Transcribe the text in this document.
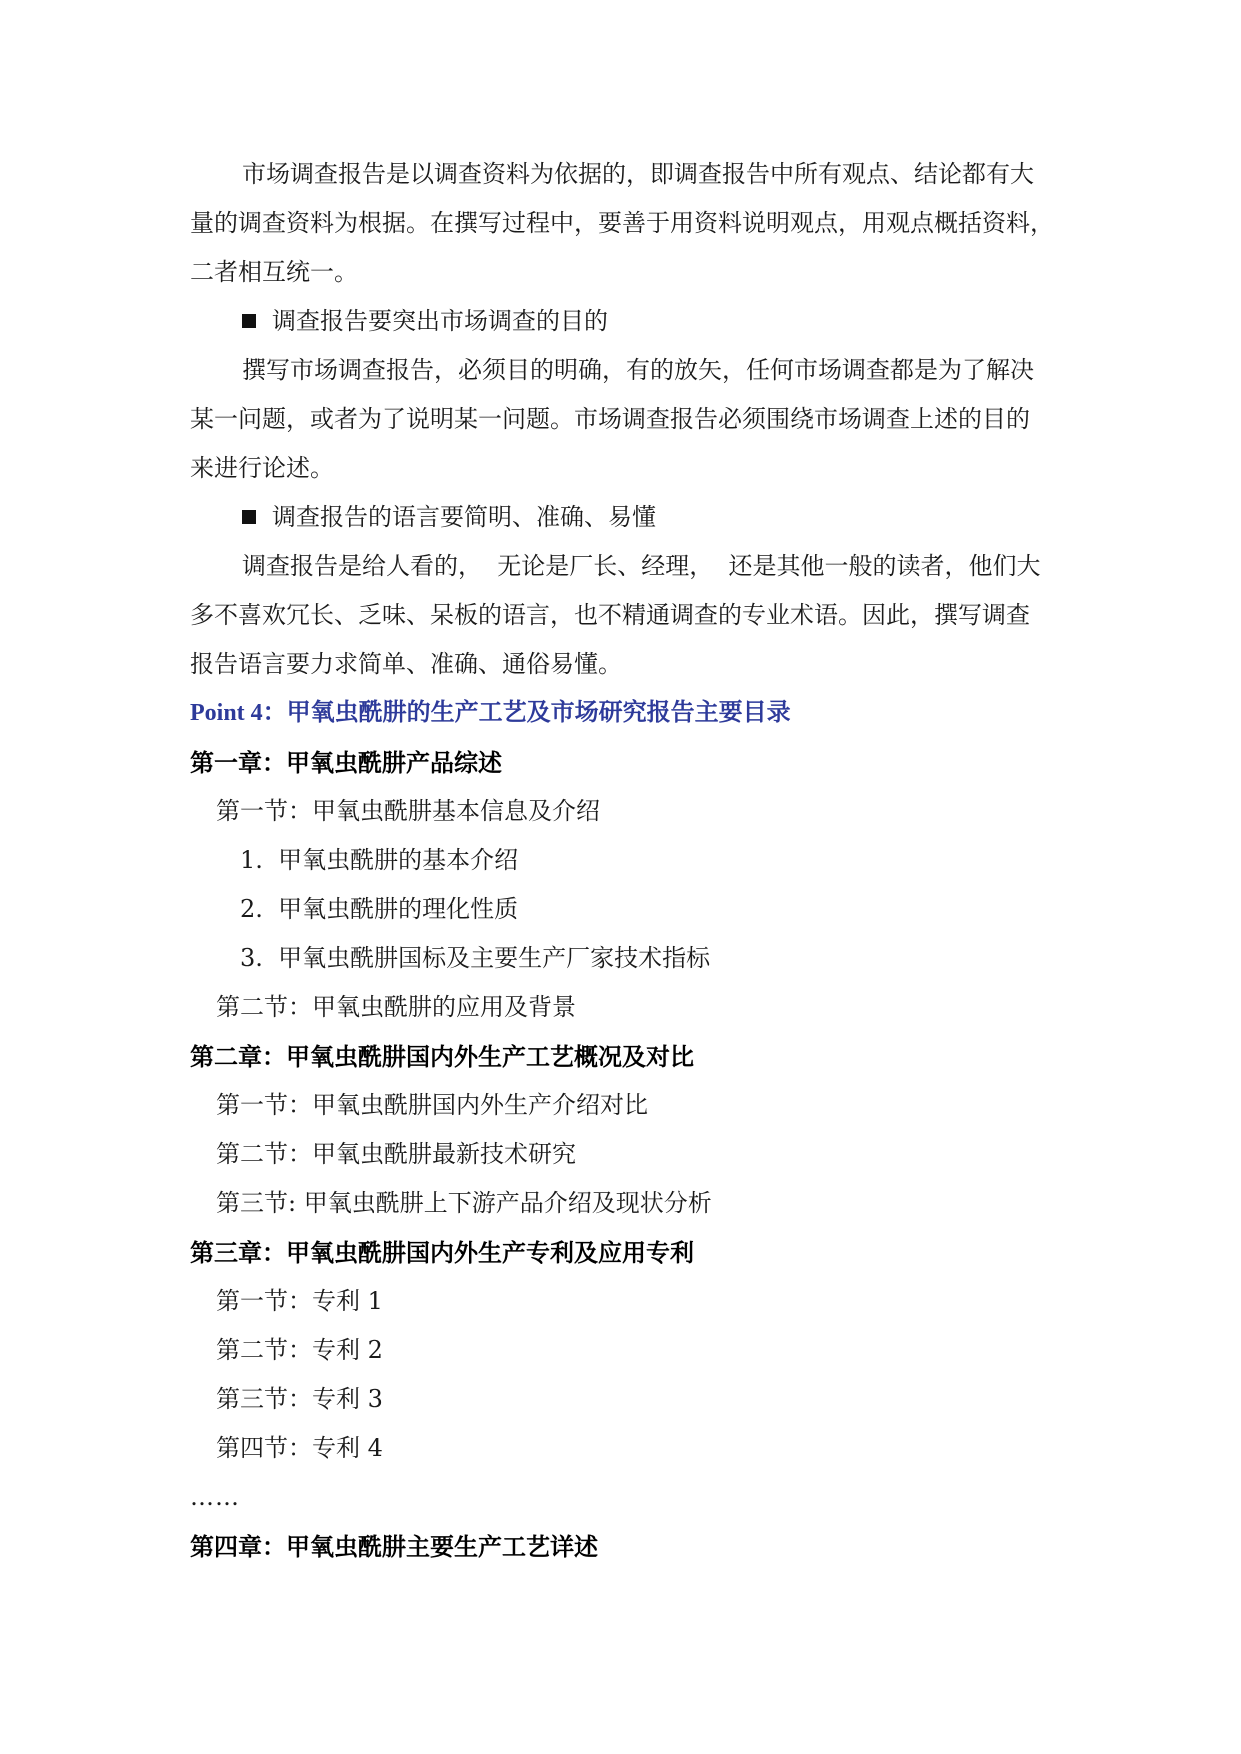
市场调查报告是以调查资料为依据的，即调查报告中所有观点、结论都有大
量的调查资料为根据。在撰写过程中，要善于用资料说明观点，用观点概括资料，
二者相互统一。
调查报告要突出市场调查的目的
撰写市场调查报告，必须目的明确，有的放矢，任何市场调查都是为了解决
某一问题，或者为了说明某一问题。市场调查报告必须围绕市场调查上述的目的
来进行论述。
调查报告的语言要简明、准确、易懂
调查报告是给人看的，  无论是厂长、经理，  还是其他一般的读者，他们大
多不喜欢冗长、乏味、呆板的语言，也不精通调查的专业术语。因此，撰写调查
报告语言要力求简单、准确、通俗易懂。
Point 4：甲氧虫酰肼的生产工艺及市场研究报告主要目录
第一章：甲氧虫酰肼产品综述
第一节：甲氧虫酰肼基本信息及介绍
1.  甲氧虫酰肼的基本介绍
2.  甲氧虫酰肼的理化性质
3.  甲氧虫酰肼国标及主要生产厂家技术指标
第二节：甲氧虫酰肼的应用及背景
第二章：甲氧虫酰肼国内外生产工艺概况及对比
第一节：甲氧虫酰肼国内外生产介绍对比
第二节：甲氧虫酰肼最新技术研究
第三节: 甲氧虫酰肼上下游产品介绍及现状分析
第三章：甲氧虫酰肼国内外生产专利及应用专利
第一节：专利 1
第二节：专利 2
第三节：专利 3
第四节：专利 4
……
第四章：甲氧虫酰肼主要生产工艺详述
